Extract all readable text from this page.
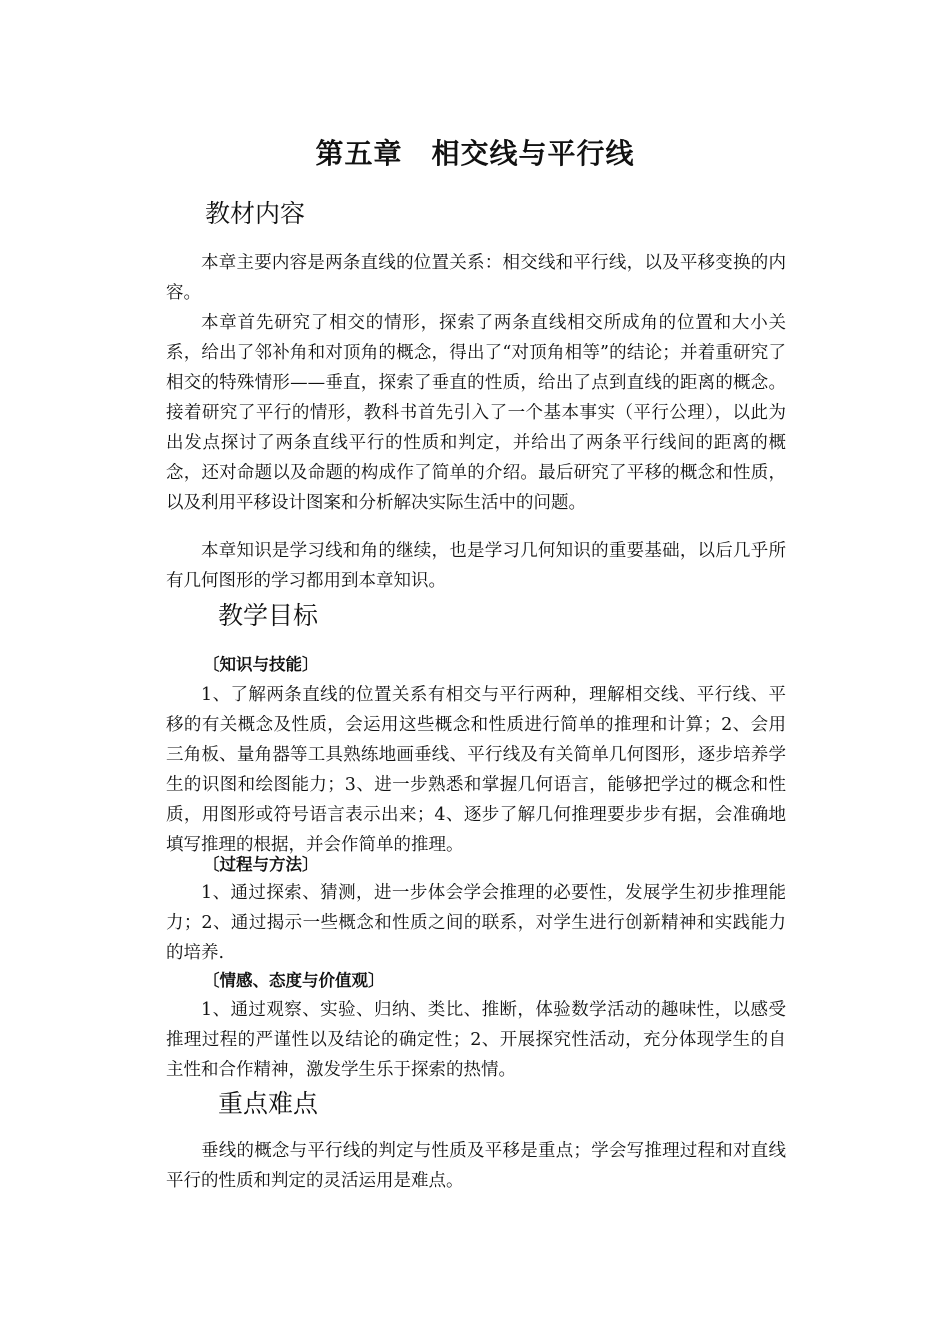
第五章　相交线与平行线
教材内容

本章主要内容是两条直线的位置关系：相交线和平行线，以及平移变换的内容。

本章首先研究了相交的情形，探索了两条直线相交所成角的位置和大小关系，给出了邻补角和对顶角的概念，得出了“对顶角相等”的结论；并着重研究了相交的特殊情形——垂直，探索了垂直的性质，给出了点到直线的距离的概念。接着研究了平行的情形，教科书首先引入了一个基本事实（平行公理），以此为出发点探讨了两条直线平行的性质和判定，并给出了两条平行线间的距离的概念，还对命题以及命题的构成作了简单的介绍。最后研究了平移的概念和性质，以及利用平移设计图案和分析解决实际生活中的问题。

本章知识是学习线和角的继续，也是学习几何知识的重要基础，以后几乎所有几何图形的学习都用到本章知识。

教学目标
〔知识与技能〕

1、了解两条直线的位置关系有相交与平行两种，理解相交线、平行线、平移的有关概念及性质，会运用这些概念和性质进行简单的推理和计算；2、会用三角板、量角器等工具熟练地画垂线、平行线及有关简单几何图形，逐步培养学生的识图和绘图能力；3、进一步熟悉和掌握几何语言，能够把学过的概念和性质，用图形或符号语言表示出来；4、逐步了解几何推理要步步有据，会准确地填写推理的根据，并会作简单的推理。

〔过程与方法〕

1、通过探索、猜测，进一步体会学会推理的必要性，发展学生初步推理能力；2、通过揭示一些概念和性质之间的联系，对学生进行创新精神和实践能力的培养.

〔情感、态度与价值观〕

1、通过观察、实验、归纳、类比、推断，体验数学活动的趣味性，以感受推理过程的严谨性以及结论的确定性；2、开展探究性活动，充分体现学生的自主性和合作精神，激发学生乐于探索的热情。

重点难点

垂线的概念与平行线的判定与性质及平移是重点；学会写推理过程和对直线平行的性质和判定的灵活运用是难点。
